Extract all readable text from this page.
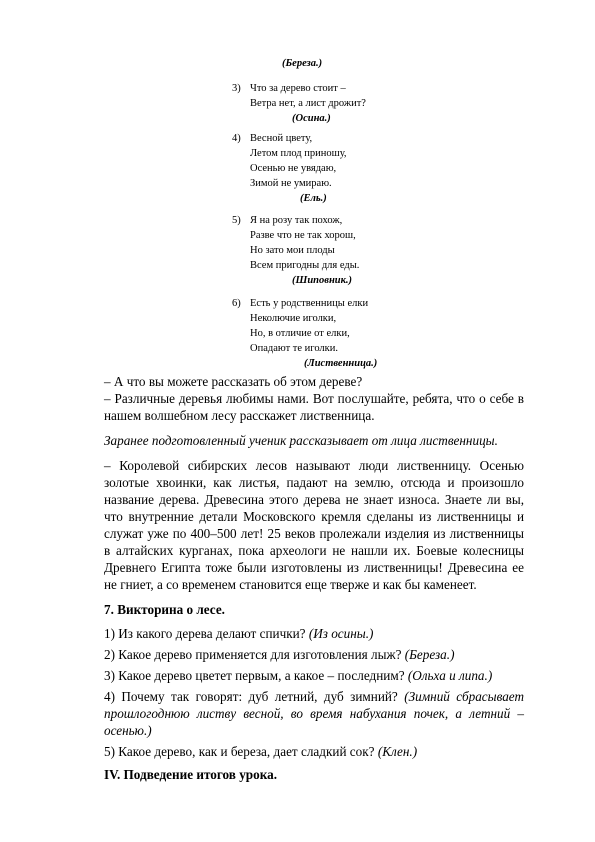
(Береза.)
3) Что за дерево стоит –
Ветра нет, а лист дрожит?
(Осина.)
4) Весной цвету,
Летом плод приношу,
Осенью не увядаю,
Зимой не умираю.
(Ель.)
5) Я на розу так похож,
Разве что не так хорош,
Но зато мои плоды
Всем пригодны для еды.
(Шиповник.)
6) Есть у родственницы елки
Неколючие иголки,
Но, в отличие от елки,
Опадают те иголки.
(Лиственница.)
– А что вы можете рассказать об этом дереве?
– Различные деревья любимы нами. Вот послушайте, ребята, что о себе в нашем волшебном лесу расскажет лиственница.
Заранее подготовленный ученик рассказывает от лица лиственницы.
– Королевой сибирских лесов называют люди лиственницу. Осенью золотые хвоинки, как листья, падают на землю, отсюда и произошло название дерева. Древесина этого дерева не знает износа. Знаете ли вы, что внутренние детали Московского кремля сделаны из лиственницы и служат уже по 400–500 лет! 25 веков пролежали изделия из лиственницы в алтайских курганах, пока археологи не нашли их. Боевые колесницы Древнего Египта тоже были изготовлены из лиственницы! Древесина ее не гниет, а со временем становится еще тверже и как бы каменеет.
7. Викторина о лесе.
1) Из какого дерева делают спички? (Из осины.)
2) Какое дерево применяется для изготовления лыж? (Береза.)
3) Какое дерево цветет первым, а какое – последним? (Ольха и липа.)
4) Почему так говорят: дуб летний, дуб зимний? (Зимний сбрасывает прошлогоднюю листву весной, во время набухания почек, а летний – осенью.)
5) Какое дерево, как и береза, дает сладкий сок? (Клен.)
IV. Подведение итогов урока.
